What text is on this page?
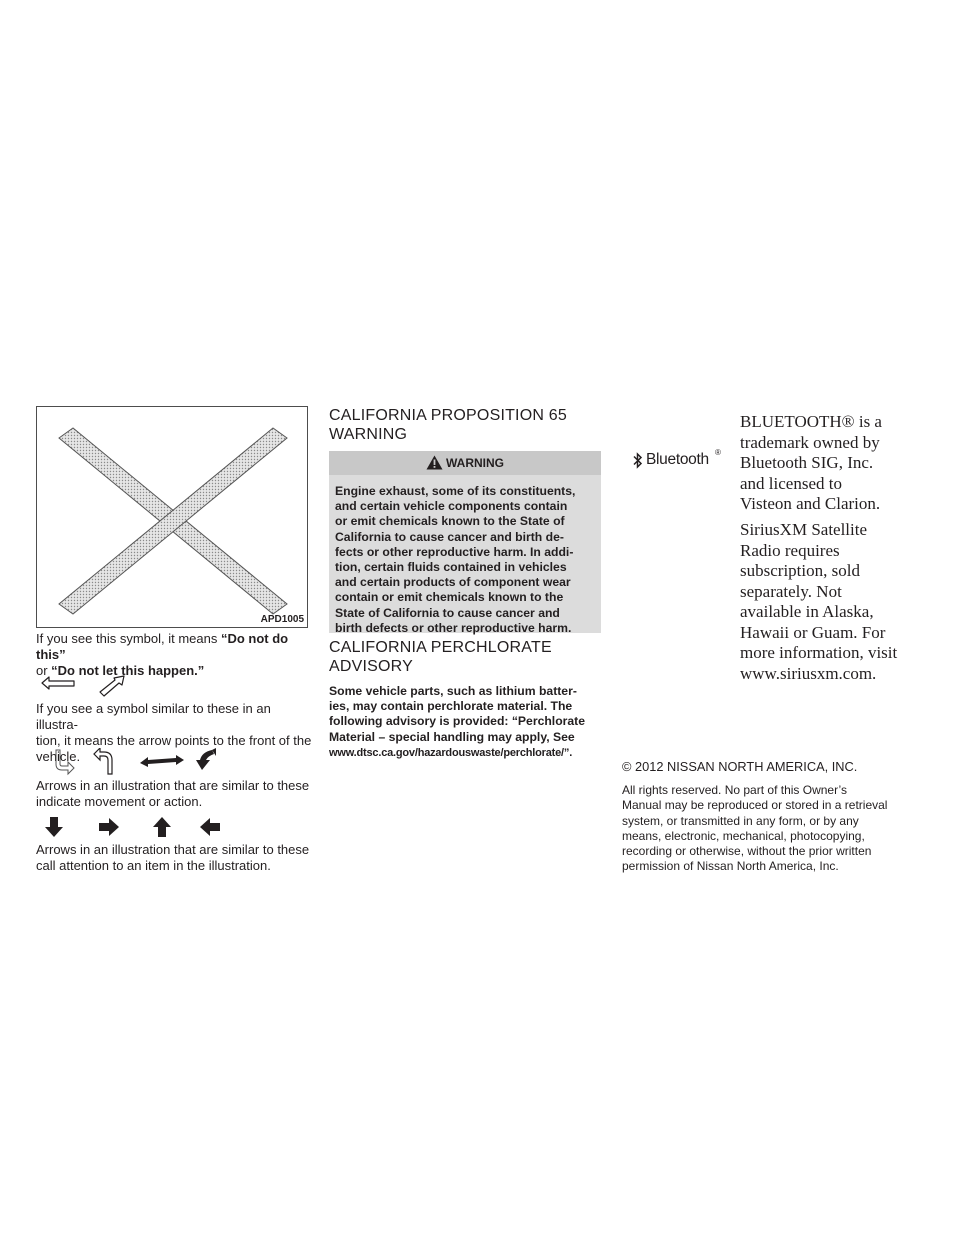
APD1005
If you see this symbol, it means “Do not do this”
or “Do not let this happen.”
If you see a symbol similar to these in an illustra-
tion, it means the arrow points to the front of the
vehicle.
Arrows in an illustration that are similar to these
indicate movement or action.
Arrows in an illustration that are similar to these
call attention to an item in the illustration.
CALIFORNIA PROPOSITION 65
WARNING
WARNING
Engine exhaust, some of its constituents,
and certain vehicle components contain
or emit chemicals known to the State of
California to cause cancer and birth de-
fects or other reproductive harm. In addi-
tion, certain fluids contained in vehicles
and certain products of component wear
contain or emit chemicals known to the
State of California to cause cancer and
birth defects or other reproductive harm.
CALIFORNIA PERCHLORATE
ADVISORY
Some vehicle parts, such as lithium batter-
ies, may contain perchlorate material. The
following advisory is provided: “Perchlorate
Material – special handling may apply, See
www.dtsc.ca.gov/hazardouswaste/perchlorate/”.
Bluetooth ®
BLUETOOTH® is a
trademark owned by
Bluetooth SIG, Inc.
and licensed to
Visteon and Clarion.
SiriusXM Satellite
Radio requires
subscription, sold
separately. Not
available in Alaska,
Hawaii or Guam. For
more information, visit
www.siriusxm.com.
© 2012 NISSAN NORTH AMERICA, INC.
All rights reserved. No part of this Owner’s
Manual may be reproduced or stored in a retrieval
system, or transmitted in any form, or by any
means, electronic, mechanical, photocopying,
recording or otherwise, without the prior written
permission of Nissan North America, Inc.
